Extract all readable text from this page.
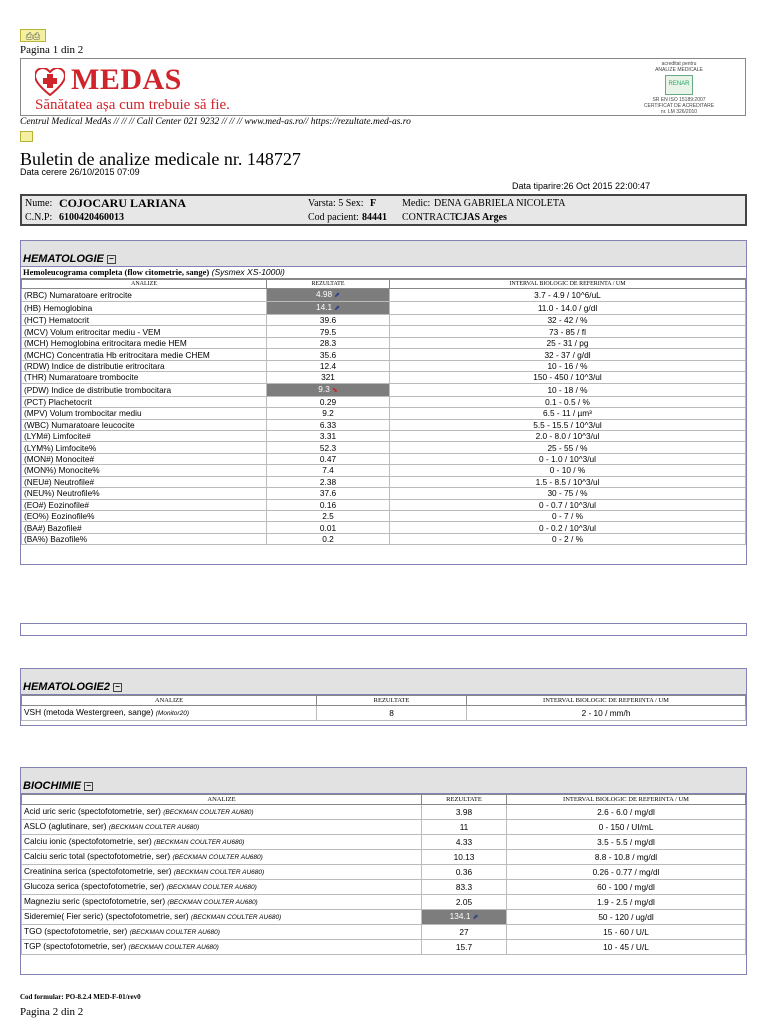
⎙⎙
Pagina 1 din 2
MEDAS
Sănătatea așa cum trebuie să fie.
acreditat pentru
ANALIZE MEDICALE
RENAR
SR EN ISO 15189:2007
CERTIFICAT DE ACREDITARE
nr. LM 326/2010
Centrul Medical MedAs // // // Call Center 021 9232 // // // www.med-as.ro// https://rezultate.med-as.ro
Buletin de analize medicale nr. 148727
Data cerere 26/10/2015 07:09
Data tiparire:26 Oct 2015 22:00:47
Nume: COJOCARU LARIANA
C.N.P: 6100420460013
Varsta: 5 Sex: F
Cod pacient: 84441
Medic: DENA GABRIELA NICOLETA
CONTRACT:
CJAS Arges
HEMATOLOGIE −
Hemoleucograma completa (flow citometrie, sange) (Sysmex XS-1000i)
ANALIZE	REZULTATE	INTERVAL BIOLOGIC DE REFERINTA / UM
(RBC) Numaratoare eritrocite	4.98 ⬈	3.7 - 4.9 / 10^6/uL
(HB) Hemoglobina	14.1 ⬈	11.0 - 14.0 / g/dl
(HCT) Hematocrit	39.6	32 - 42 / %
(MCV) Volum eritrocitar mediu - VEM	79.5	73 - 85 / fl
(MCH) Hemoglobina eritrocitara medie HEM	28.3	25 - 31 / pg
(MCHC) Concentratia Hb eritrocitara medie CHEM	35.6	32 - 37 / g/dl
(RDW) Indice de distributie eritrocitara	12.4	10 - 16 / %
(THR) Numaratoare trombocite	321	150 - 450 / 10^3/ul
(PDW) Indice de distributie trombocitara	9.3 ⬊	10 - 18 / %
(PCT) Plachetocrit	0.29	0.1 - 0.5 / %
(MPV) Volum trombocitar mediu	9.2	6.5 - 11 / µm³
(WBC) Numaratoare leucocite	6.33	5.5 - 15.5 / 10^3/ul
(LYM#) Limfocite#	3.31	2.0 - 8.0 / 10^3/ul
(LYM%) Limfocite%	52.3	25 - 55 / %
(MON#) Monocite#	0.47	0 - 1.0 / 10^3/ul
(MON%) Monocite%	7.4	0 - 10 / %
(NEU#) Neutrofile#	2.38	1.5 - 8.5 / 10^3/ul
(NEU%) Neutrofile%	37.6	30 - 75 / %
(EO#) Eozinofile#	0.16	0 - 0.7 / 10^3/ul
(EO%) Eozinofile%	2.5	0 - 7 / %
(BA#) Bazofile#	0.01	0 - 0.2 / 10^3/ul
(BA%) Bazofile%	0.2	0 - 2 / %
HEMATOLOGIE2 −
ANALIZE	REZULTATE	INTERVAL BIOLOGIC DE REFERINTA / UM
VSH (metoda Westergreen, sange) (Monitor20)	8	2 - 10 / mm/h
BIOCHIMIE −
ANALIZE	REZULTATE	INTERVAL BIOLOGIC DE REFERINTA / UM
Acid uric seric (spectofotometrie, ser) (BECKMAN COULTER AU680)	3.98	2.6 - 6.0 / mg/dl
ASLO (aglutinare, ser) (BECKMAN COULTER AU680)	11	0 - 150 / UI/mL
Calciu ionic (spectofotometrie, ser) (BECKMAN COULTER AU680)	4.33	3.5 - 5.5 / mg/dl
Calciu seric total (spectofotometrie, ser) (BECKMAN COULTER AU680)	10.13	8.8 - 10.8 / mg/dl
Creatinina serica (spectofotometrie, ser) (BECKMAN COULTER AU680)	0.36	0.26 - 0.77 / mg/dl
Glucoza serica (spectofotometrie, ser) (BECKMAN COULTER AU680)	83.3	60 - 100 / mg/dl
Magneziu seric (spectofotometrie, ser) (BECKMAN COULTER AU680)	2.05	1.9 - 2.5 / mg/dl
Sideremie( Fier seric) (spectofotometrie, ser) (BECKMAN COULTER AU680)	134.1 ⬈	50 - 120 / ug/dl
TGO (spectofotometrie, ser) (BECKMAN COULTER AU680)	27	15 - 60 / U/L
TGP (spectofotometrie, ser) (BECKMAN COULTER AU680)	15.7	10 - 45 / U/L
Cod formular: PO-8.2.4 MED-F-01/rev0
Pagina 2 din 2
